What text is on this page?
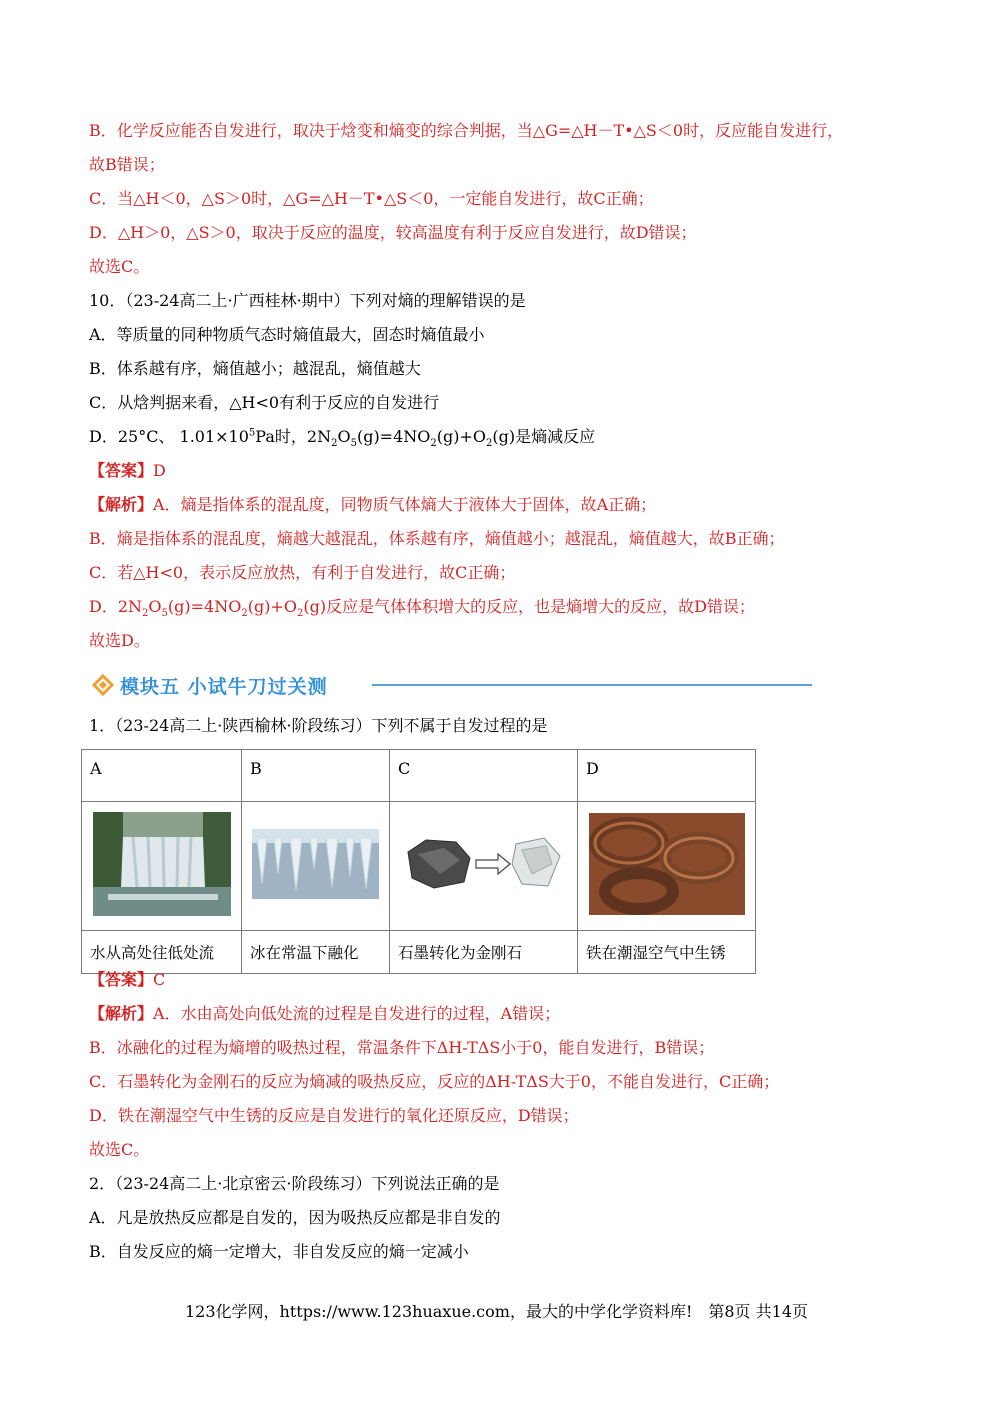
B．化学反应能否自发进行，取决于焓变和熵变的综合判据，当△G=△H－T•△S＜0时，反应能自发进行，
故B错误；
C．当△H＜0，△S＞0时，△G=△H－T•△S＜0，一定能自发进行，故C正确；
D．△H＞0，△S＞0，取决于反应的温度，较高温度有利于反应自发进行，故D错误；
故选C。
10．（23-24高二上·广西桂林·期中）下列对熵的理解错误的是
A．等质量的同种物质气态时熵值最大，固态时熵值最小
B．体系越有序，熵值越小；越混乱，熵值越大
C．从焓判据来看，△H<0有利于反应的自发进行
D．25°C、 $1.01\times 10^5Pa$时，$2N_2O_5(g)=4NO_2(g)+O_2(g)$是熵减反应
【答案】D
【解析】A．熵是指体系的混乱度，同物质气体熵大于液体大于固体，故A正确；
B．熵是指体系的混乱度，熵越大越混乱，体系越有序，熵值越小；越混乱，熵值越大，故B正确；
C．若△H<0，表示反应放热，有利于自发进行，故C正确；
D．$2N_2O_5(g)=4NO_2(g)+O_2(g)$反应是气体体积增大的反应，也是熵增大的反应，故D错误；
故选D。
模块五 小试牛刀过关测
1．（23-24高二上·陕西榆林·阶段练习）下列不属于自发过程的是
A	B	C	D

水从高处往低处流	冰在常温下融化	石墨转化为金刚石	铁在潮湿空气中生锈
【答案】C
【解析】A．水由高处向低处流的过程是自发进行的过程，A错误；
B．冰融化的过程为熵增的吸热过程，常温条件下ΔH-TΔS小于0，能自发进行，B错误；
C．石墨转化为金刚石的反应为熵减的吸热反应，反应的ΔH-TΔS大于0，不能自发进行，C正确；
D．铁在潮湿空气中生锈的反应是自发进行的氧化还原反应，D错误；
故选C。
2．（23-24高二上·北京密云·阶段练习）下列说法正确的是
A．凡是放热反应都是自发的，因为吸热反应都是非自发的
B．自发反应的熵一定增大，非自发反应的熵一定减小
123化学网，https://www.123huaxue.com，最大的中学化学资料库!　第8页 共14页
